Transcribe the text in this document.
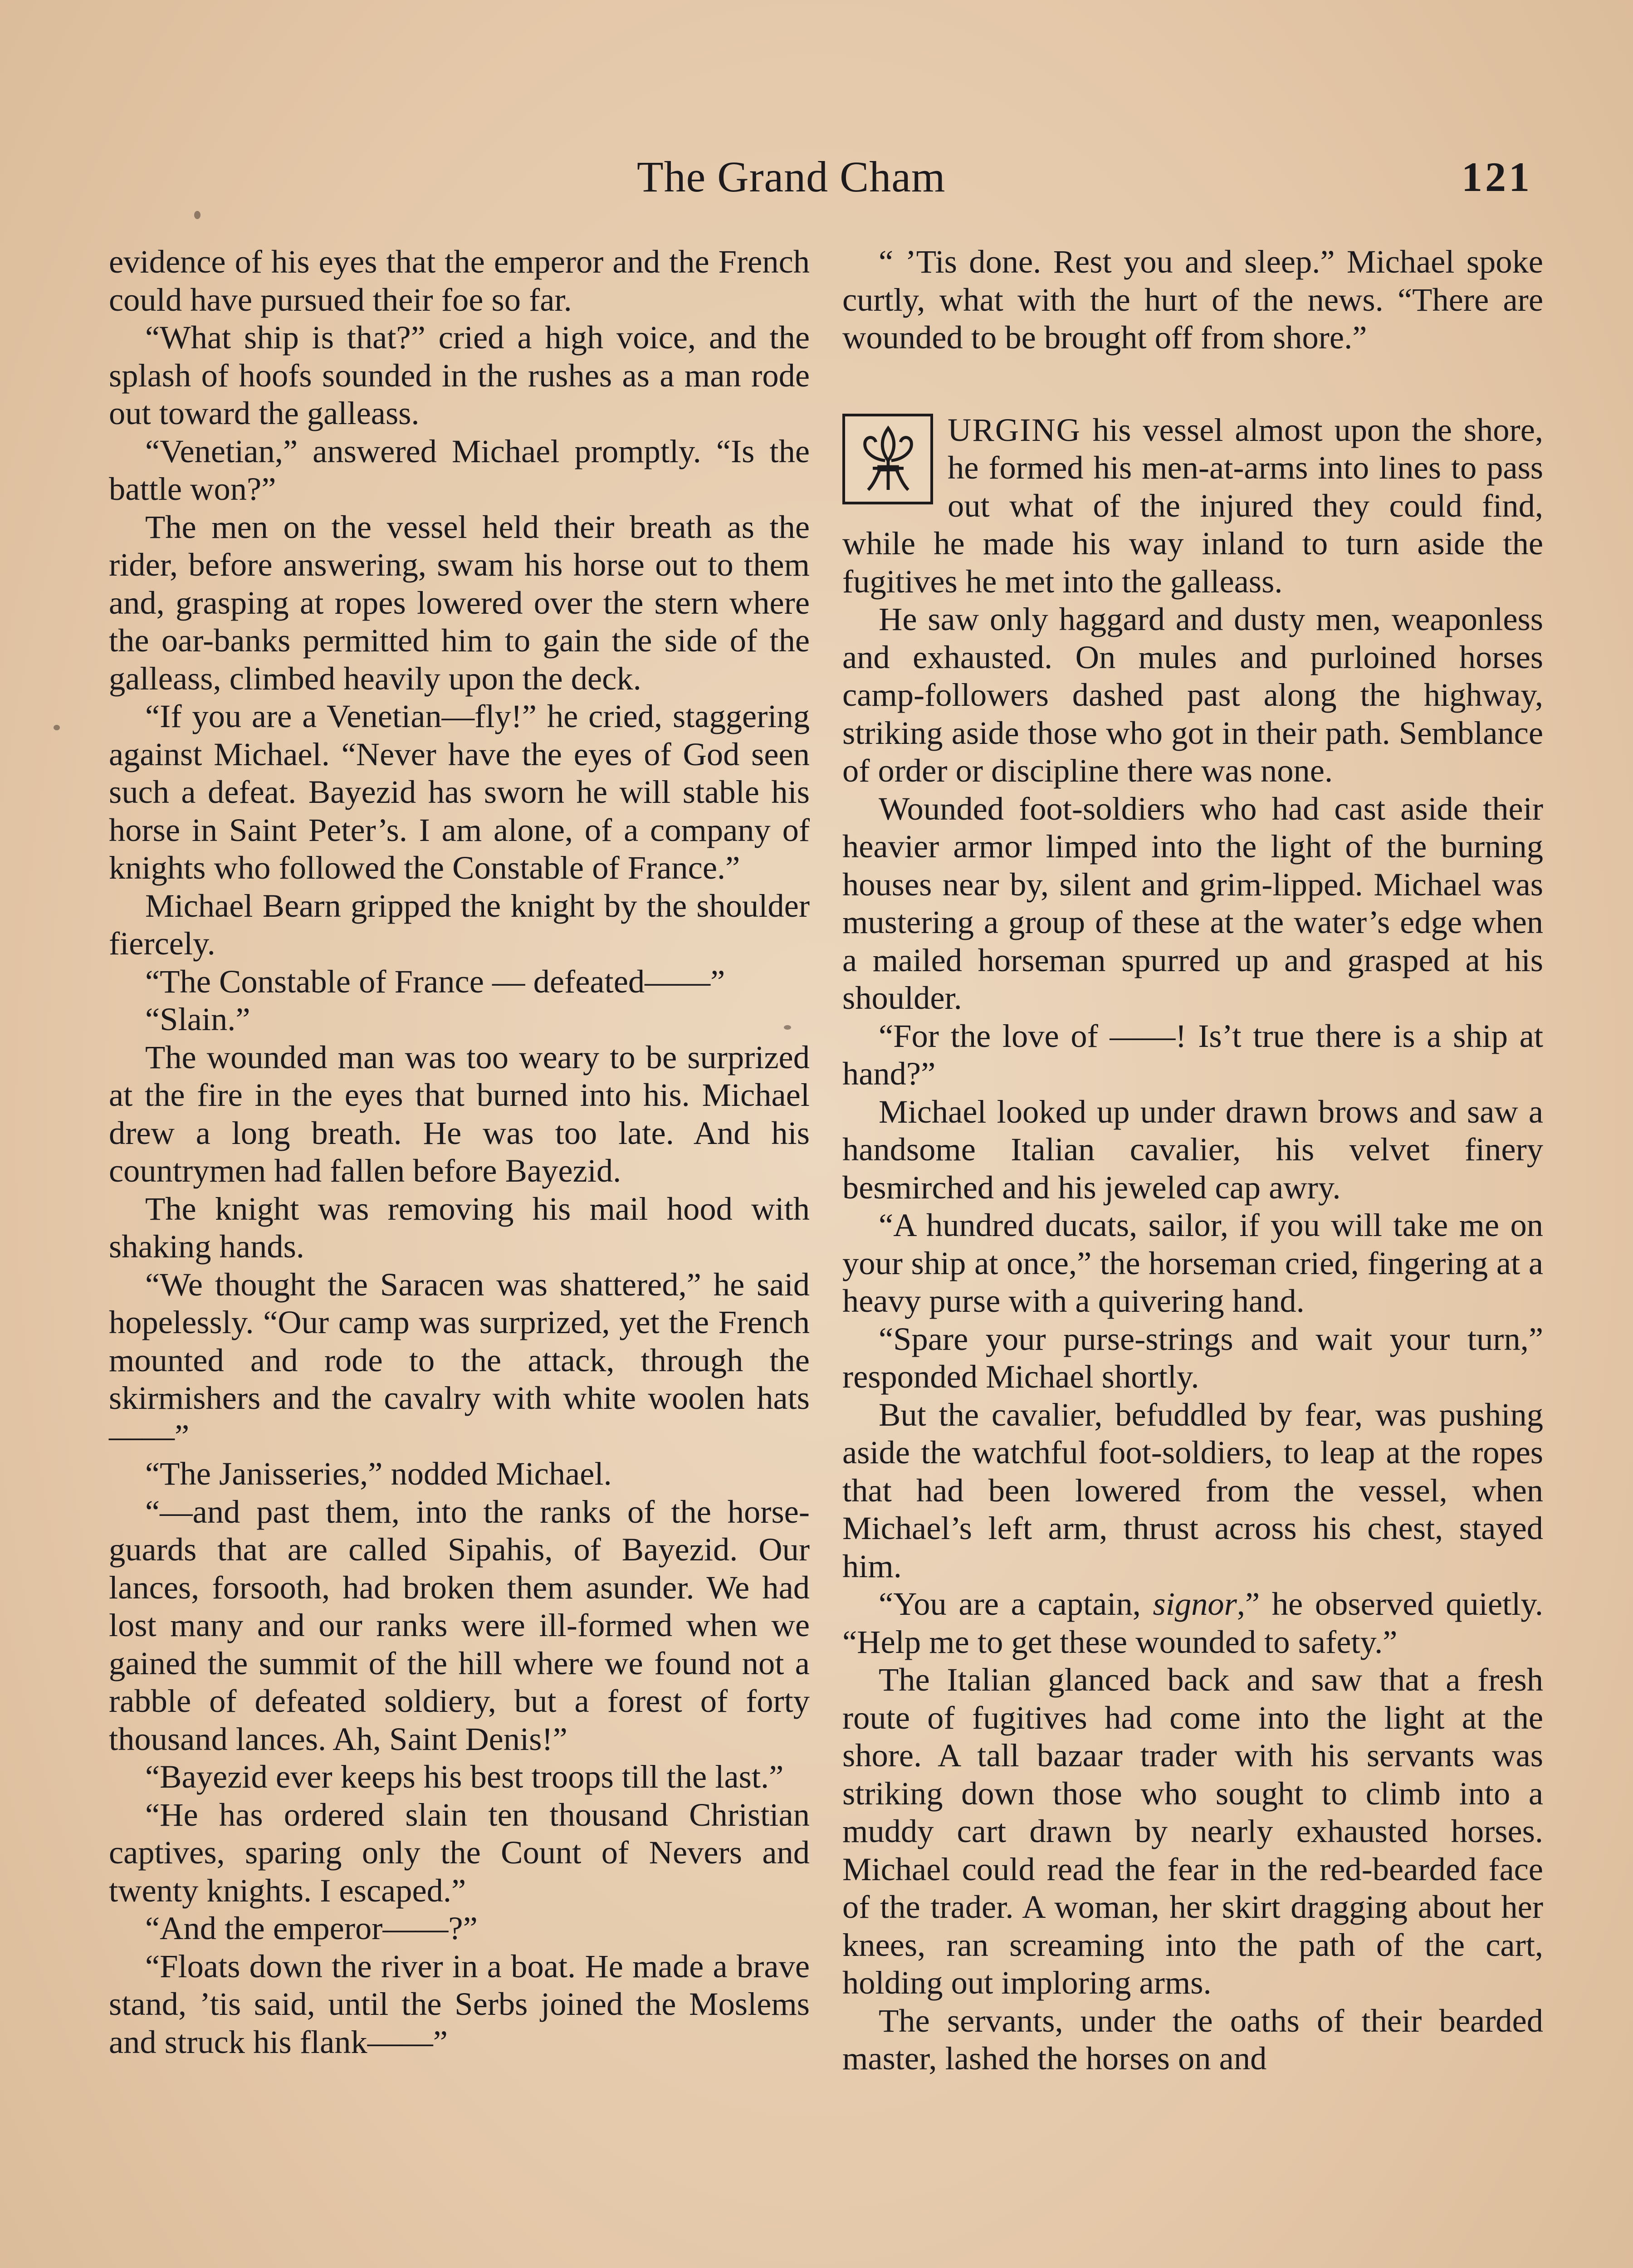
The Grand Cham	121

evidence of his eyes that the emperor and the French could have pursued their foe so far.

“What ship is that?” cried a high voice, and the splash of hoofs sounded in the rushes as a man rode out toward the galleass.

“Venetian,” answered Michael promptly. “Is the battle won?”

The men on the vessel held their breath as the rider, before answering, swam his horse out to them and, grasping at ropes lowered over the stern where the oar-banks permitted him to gain the side of the galleass, climbed heavily upon the deck.

“If you are a Venetian—fly!” he cried, staggering against Michael. “Never have the eyes of God seen such a defeat. Bayezid has sworn he will stable his horse in Saint Peter’s. I am alone, of a company of knights who followed the Constable of France.”

Michael Bearn gripped the knight by the shoulder fiercely.

“The Constable of France — defeated——”

“Slain.”

The wounded man was too weary to be surprized at the fire in the eyes that burned into his. Michael drew a long breath. He was too late. And his countrymen had fallen before Bayezid.

The knight was removing his mail hood with shaking hands.

“We thought the Saracen was shattered,” he said hopelessly. “Our camp was surprized, yet the French mounted and rode to the attack, through the skirmishers and the cavalry with white woolen hats——”

“The Janisseries,” nodded Michael.

“—and past them, into the ranks of the horse-guards that are called Sipahis, of Bayezid. Our lances, forsooth, had broken them asunder. We had lost many and our ranks were ill-formed when we gained the summit of the hill where we found not a rabble of defeated soldiery, but a forest of forty thousand lances. Ah, Saint Denis!”

“Bayezid ever keeps his best troops till the last.”

“He has ordered slain ten thousand Christian captives, sparing only the Count of Nevers and twenty knights. I escaped.”

“And the emperor——?”

“Floats down the river in a boat. He made a brave stand, ’tis said, until the Serbs joined the Moslems and struck his flank——”

“ ’Tis done. Rest you and sleep.” Michael spoke curtly, what with the hurt of the news. “There are wounded to be brought off from shore.”

URGING his vessel almost upon the shore, he formed his men-at-arms into lines to pass out what of the injured they could find, while he made his way inland to turn aside the fugitives he met into the galleass.

He saw only haggard and dusty men, weaponless and exhausted. On mules and purloined horses camp-followers dashed past along the highway, striking aside those who got in their path. Semblance of order or discipline there was none.

Wounded foot-soldiers who had cast aside their heavier armor limped into the light of the burning houses near by, silent and grim-lipped. Michael was mustering a group of these at the water’s edge when a mailed horseman spurred up and grasped at his shoulder.

“For the love of ——! Is’t true there is a ship at hand?”

Michael looked up under drawn brows and saw a handsome Italian cavalier, his velvet finery besmirched and his jeweled cap awry.

“A hundred ducats, sailor, if you will take me on your ship at once,” the horseman cried, fingering at a heavy purse with a quivering hand.

“Spare your purse-strings and wait your turn,” responded Michael shortly.

But the cavalier, befuddled by fear, was pushing aside the watchful foot-soldiers, to leap at the ropes that had been lowered from the vessel, when Michael’s left arm, thrust across his chest, stayed him.

“You are a captain, signor,” he observed quietly. “Help me to get these wounded to safety.”

The Italian glanced back and saw that a fresh route of fugitives had come into the light at the shore. A tall bazaar trader with his servants was striking down those who sought to climb into a muddy cart drawn by nearly exhausted horses. Michael could read the fear in the red-bearded face of the trader. A woman, her skirt dragging about her knees, ran screaming into the path of the cart, holding out imploring arms.

The servants, under the oaths of their bearded master, lashed the horses on and
